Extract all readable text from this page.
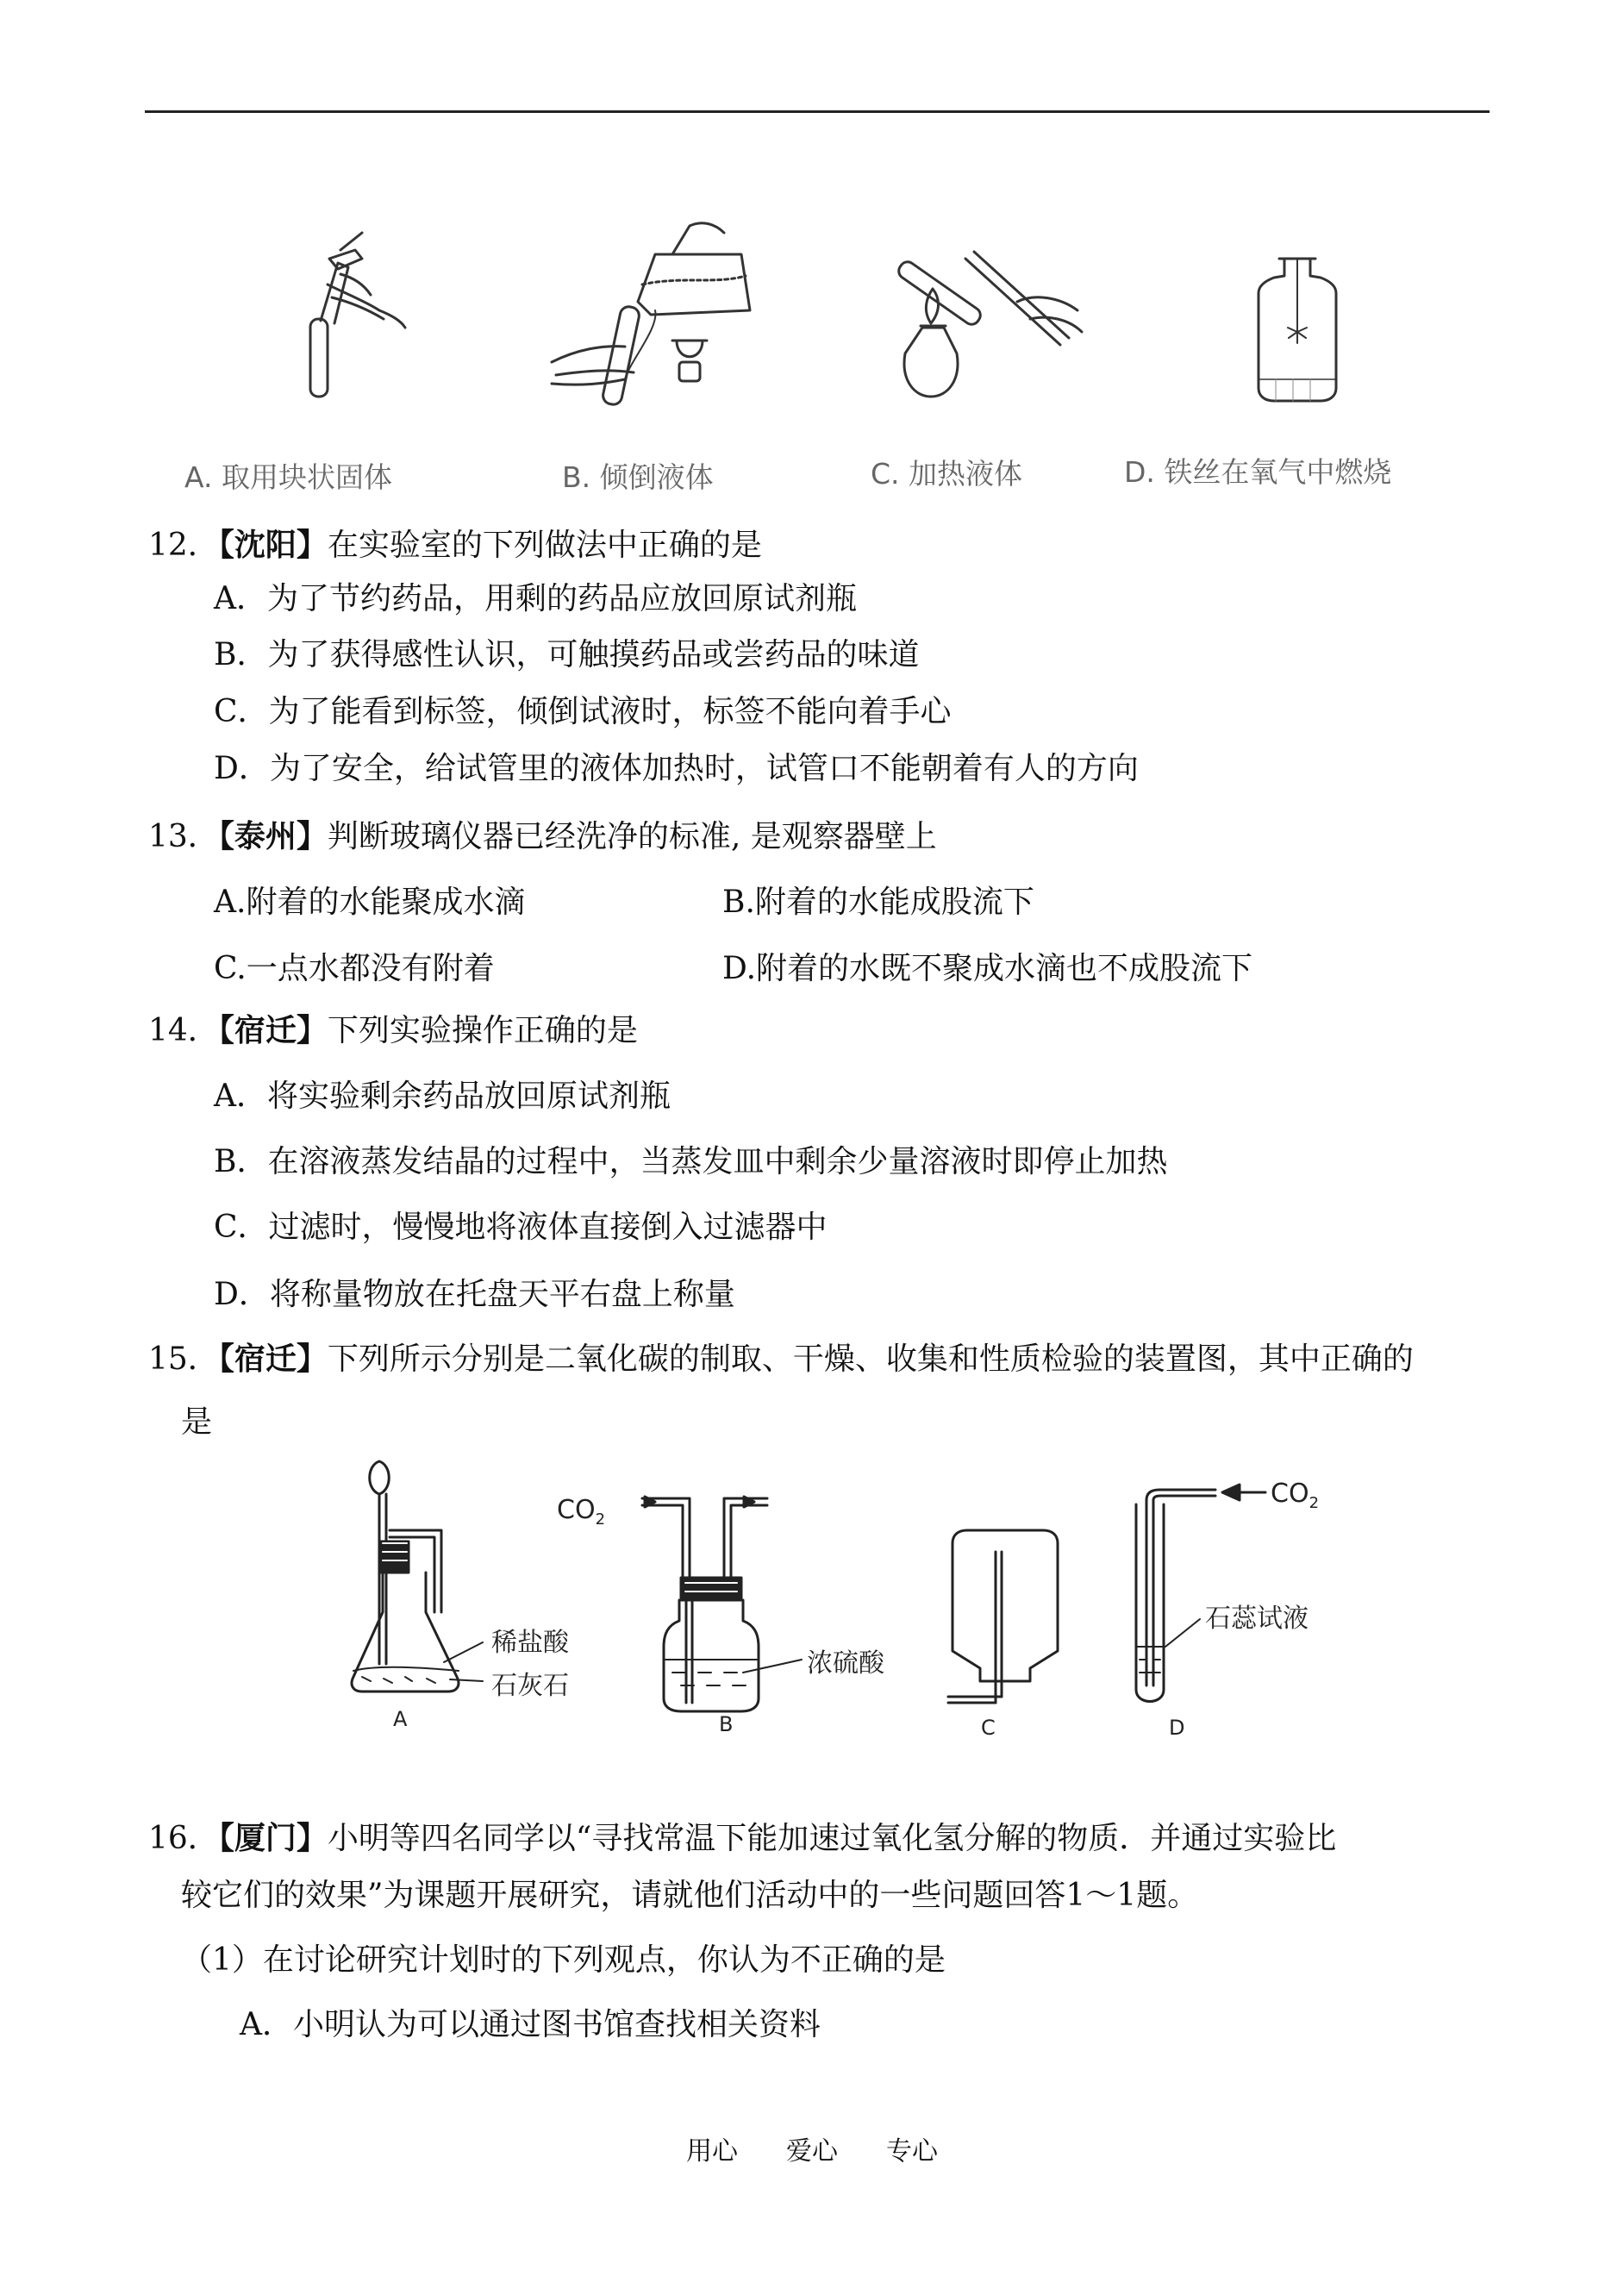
A. 取用块状固体	B. 倾倒液体	C. 加热液体	D. 铁丝在氧气中燃烧
12．【沈阳】在实验室的下列做法中正确的是
A．为了节约药品，用剩的药品应放回原试剂瓶
B．为了获得感性认识，可触摸药品或尝药品的味道
C．为了能看到标签，倾倒试液时，标签不能向着手心
D．为了安全，给试管里的液体加热时，试管口不能朝着有人的方向
13．【泰州】判断玻璃仪器已经洗净的标准, 是观察器壁上
A.附着的水能聚成水滴	B.附着的水能成股流下
C.一点水都没有附着	D.附着的水既不聚成水滴也不成股流下
14．【宿迁】下列实验操作正确的是
A．将实验剩余药品放回原试剂瓶
B．在溶液蒸发结晶的过程中，当蒸发皿中剩余少量溶液时即停止加热
C．过滤时，慢慢地将液体直接倒入过滤器中
D．将称量物放在托盘天平右盘上称量
15．【宿迁】下列所示分别是二氧化碳的制取、干燥、收集和性质检验的装置图，其中正确的
是
$CO_2$
$CO_2$
稀盐酸
石灰石
浓硫酸
石蕊试液
A	B	C	D
16．【厦门】小明等四名同学以“寻找常温下能加速过氧化氢分解的物质．并通过实验比
较它们的效果”为课题开展研究，请就他们活动中的一些问题回答1～1题。
（1）在讨论研究计划时的下列观点，你认为不正确的是
A．小明认为可以通过图书馆查找相关资料
用心 爱心 专心
